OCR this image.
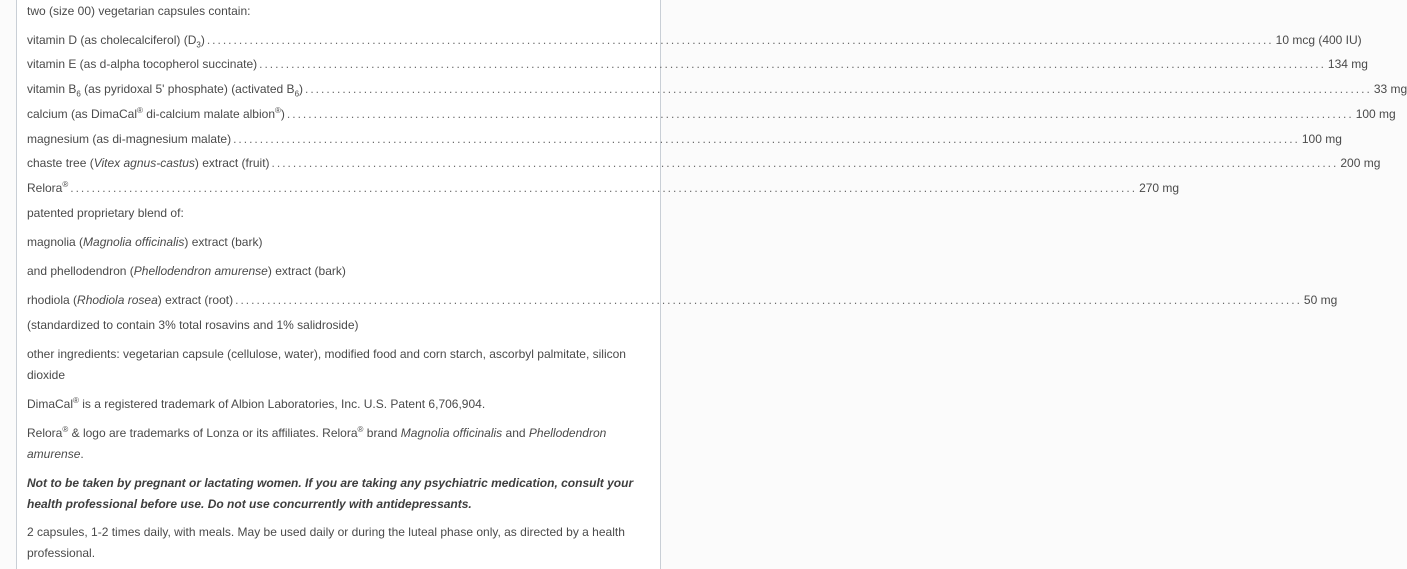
two (size 00) vegetarian capsules contain:
vitamin D (as cholecalciferol) $(D_3)$ ........................................................................................................................................................................................................ 10 mcg (400 IU)
vitamin E (as d-alpha tocopherol succinate) ........................................................................................................................................................................................................ 134 mg
vitamin $B_6$ (as pyridoxal 5' phosphate) (activated $B_6$) ........................................................................................................................................................................................................ 33 mg
calcium (as DimaCal® di-calcium malate albion®) ........................................................................................................................................................................................................ 100 mg
magnesium (as di-magnesium malate) ........................................................................................................................................................................................................ 100 mg
chaste tree (Vitex agnus-castus) extract (fruit) ........................................................................................................................................................................................................ 200 mg
Relora® ........................................................................................................................................................................................................ 270 mg
patented proprietary blend of:
magnolia (Magnolia officinalis) extract (bark)
and phellodendron (Phellodendron amurense) extract (bark)
rhodiola (Rhodiola rosea) extract (root) ........................................................................................................................................................................................................ 50 mg
(standardized to contain 3% total rosavins and 1% salidroside)
other ingredients: vegetarian capsule (cellulose, water), modified food and corn starch, ascorbyl palmitate, silicon dioxide
DimaCal® is a registered trademark of Albion Laboratories, Inc. U.S. Patent 6,706,904.
Relora® & logo are trademarks of Lonza or its affiliates. Relora® brand Magnolia officinalis and Phellodendron amurense.
Not to be taken by pregnant or lactating women. If you are taking any psychiatric medication, consult your health professional before use. Do not use concurrently with antidepressants.
2 capsules, 1-2 times daily, with meals. May be used daily or during the luteal phase only, as directed by a health professional.
